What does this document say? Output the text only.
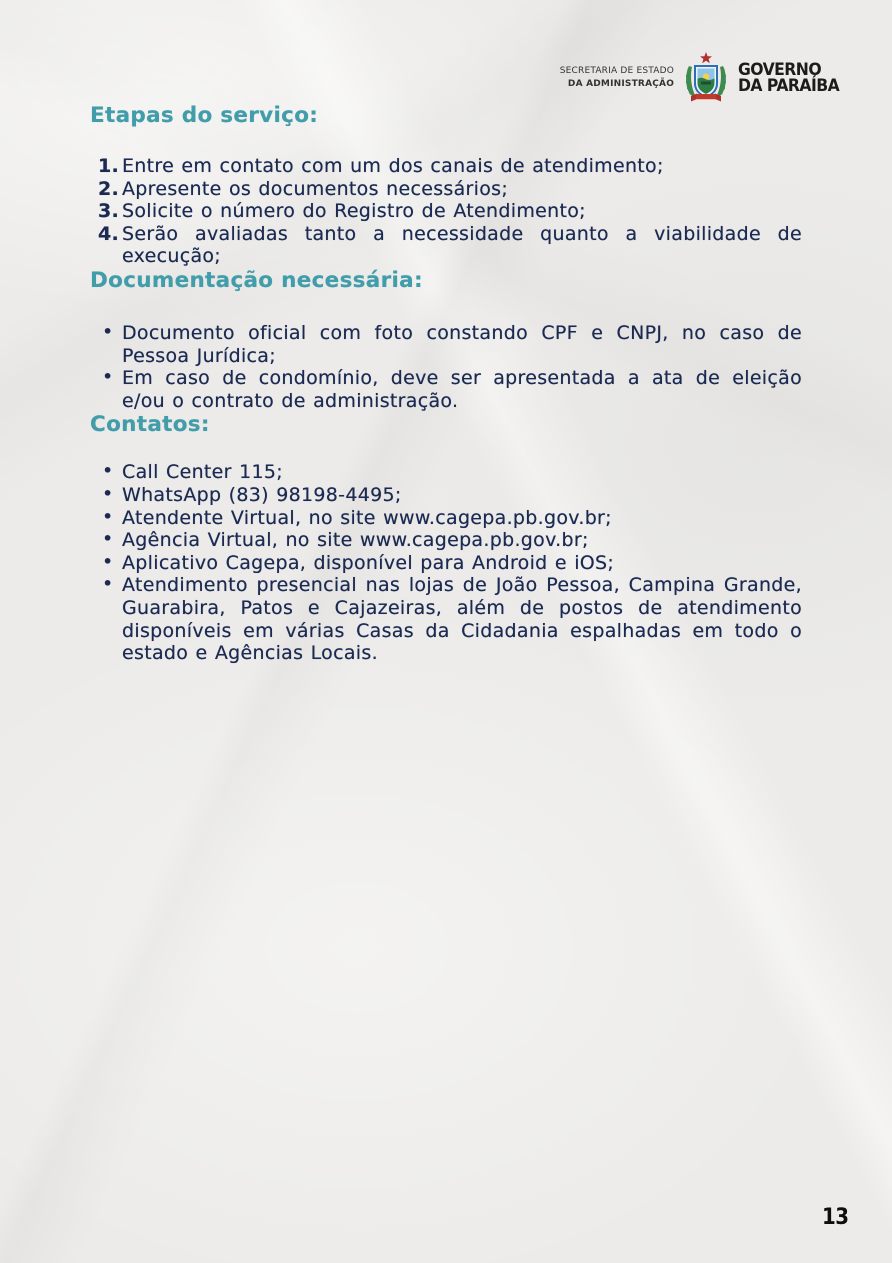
SECRETARIA DE ESTADO
DA ADMINISTRAÇÃO
GOVERNO
DA PARAÍBA
Etapas do serviço:
1. Entre em contato com um dos canais de atendimento;
2. Apresente os documentos necessários;
3. Solicite o número do Registro de Atendimento;
4. Serão avaliadas tanto a necessidade quanto a viabilidade de execução;
Documentação necessária:
• Documento oficial com foto constando CPF e CNPJ, no caso de Pessoa Jurídica;
• Em caso de condomínio, deve ser apresentada a ata de eleição e/ou o contrato de administração.
Contatos:
• Call Center 115;
• WhatsApp (83) 98198-4495;
• Atendente Virtual, no site www.cagepa.pb.gov.br;
• Agência Virtual, no site www.cagepa.pb.gov.br;
• Aplicativo Cagepa, disponível para Android e iOS;
• Atendimento presencial nas lojas de João Pessoa, Campina Grande, Guarabira, Patos e Cajazeiras, além de postos de atendimento disponíveis em várias Casas da Cidadania espalhadas em todo o estado e Agências Locais.
13
